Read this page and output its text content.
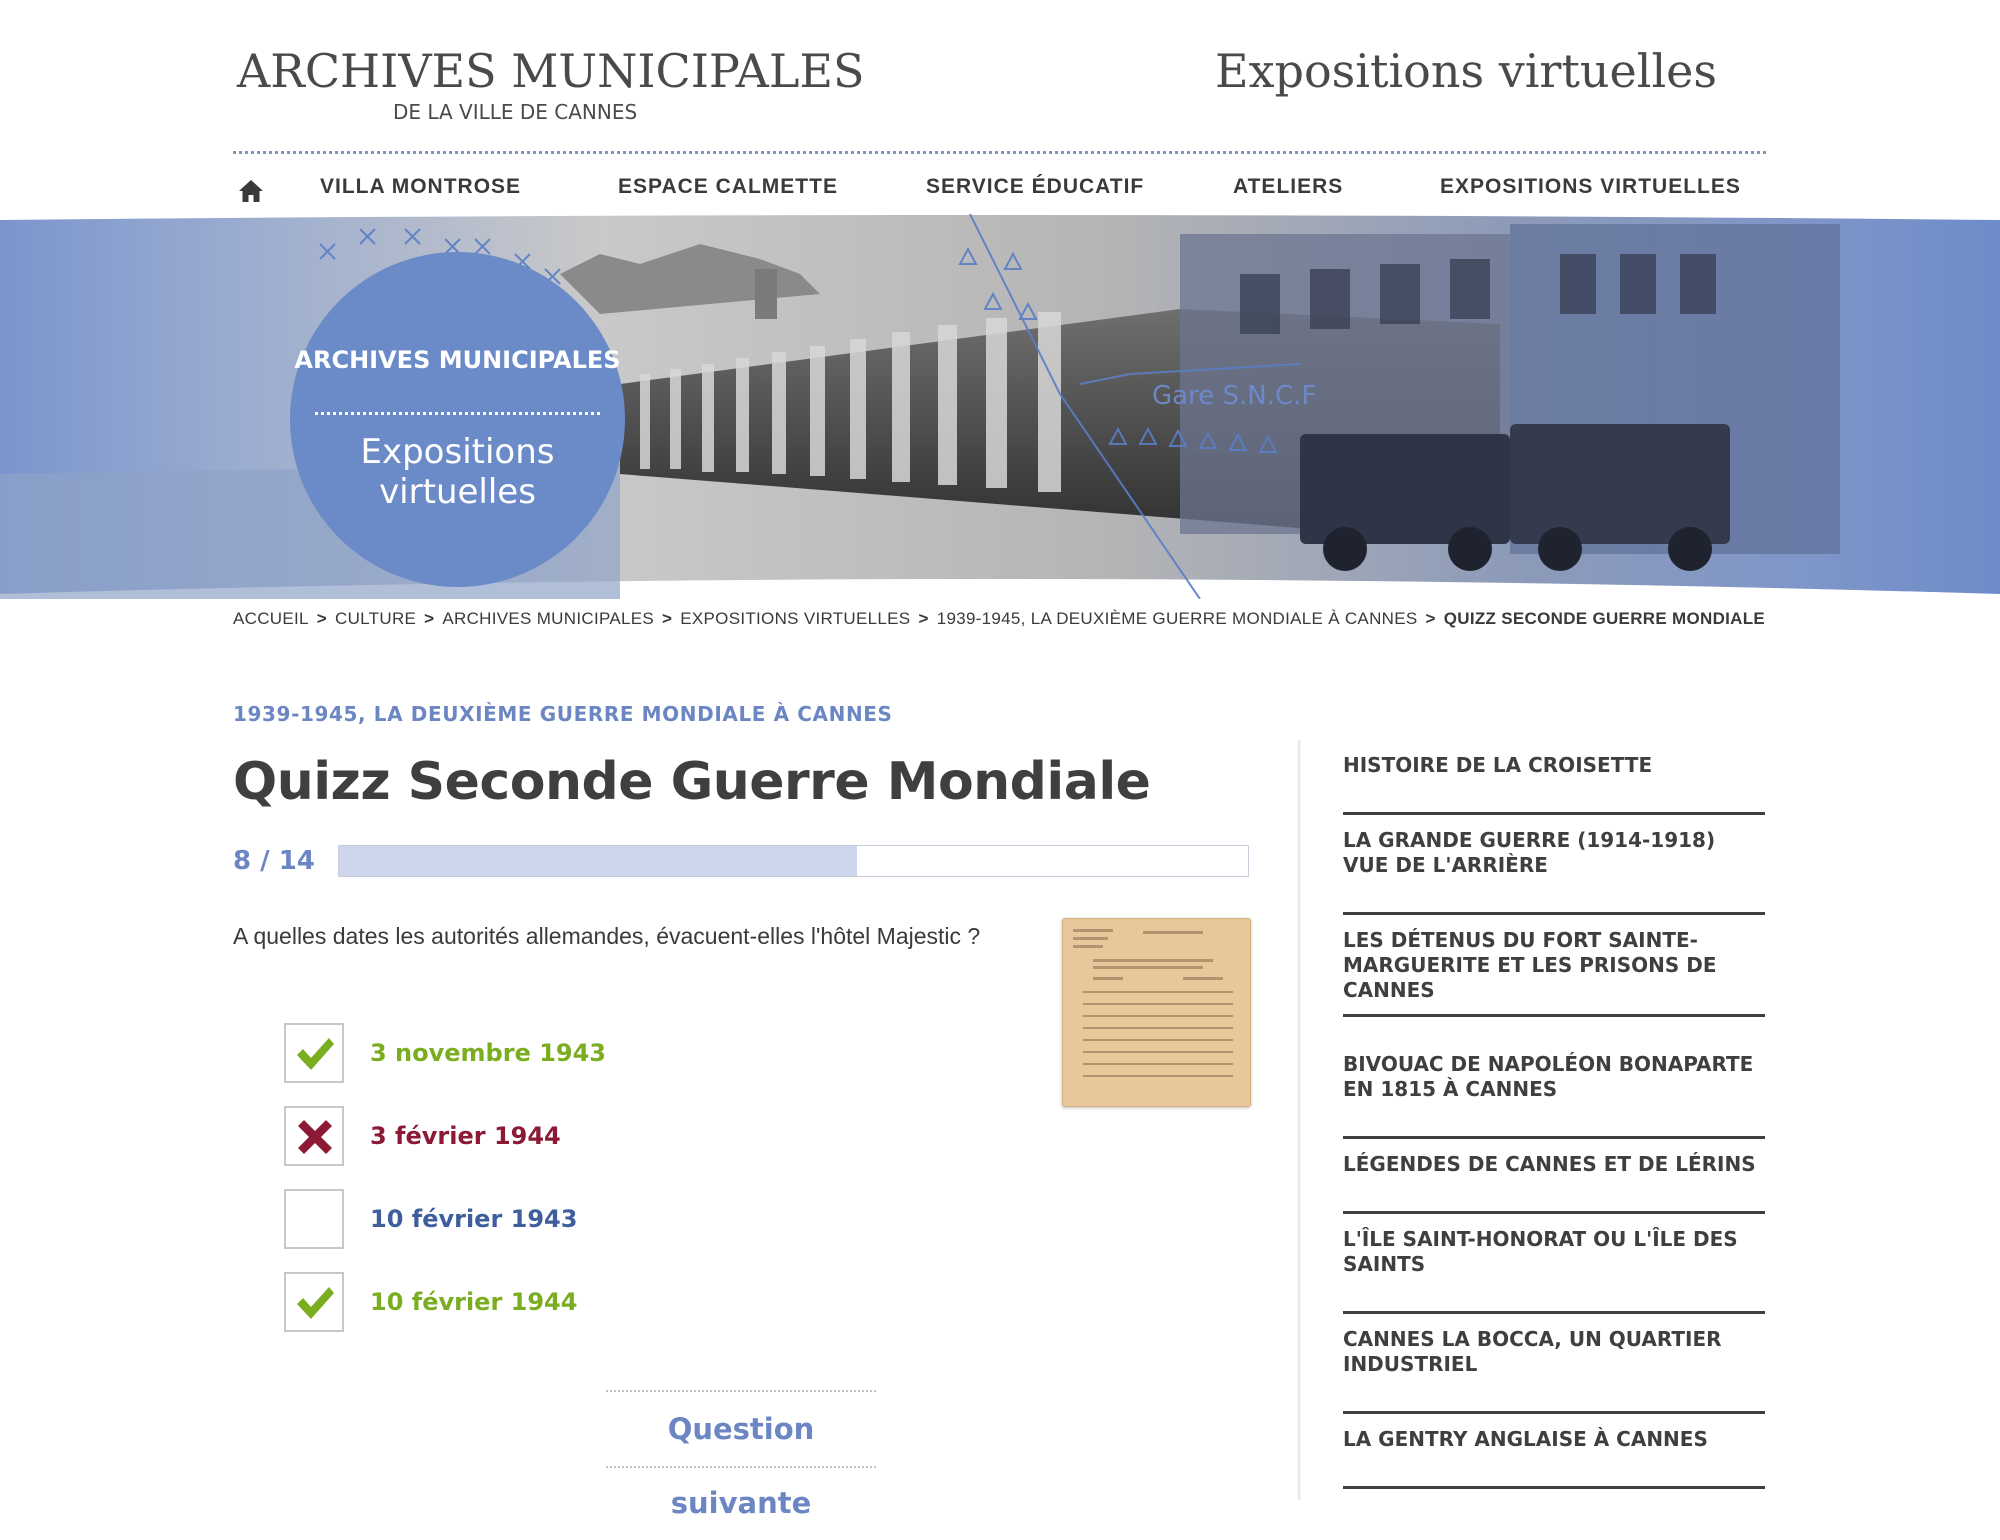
ARCHIVES MUNICIPALES
DE LA VILLE DE CANNES
Expositions virtuelles
VILLA MONTROSE	ESPACE CALMETTE	SERVICE ÉDUCATIF	ATELIERS	EXPOSITIONS VIRTUELLES
Gare S.N.C.F
ARCHIVES MUNICIPALES
Expositions virtuelles
ACCUEIL > CULTURE > ARCHIVES MUNICIPALES > EXPOSITIONS VIRTUELLES > 1939-1945, LA DEUXIÈME GUERRE MONDIALE À CANNES > QUIZZ SECONDE GUERRE MONDIALE
1939-1945, LA DEUXIÈME GUERRE MONDIALE À CANNES
Quizz Seconde Guerre Mondiale
8 / 14
A quelles dates les autorités allemandes, évacuent-elles l'hôtel Majestic ?
3 novembre 1943
3 février 1944
10 février 1943
10 février 1944
Question suivante
HISTOIRE DE LA CROISETTE
LA GRANDE GUERRE (1914-1918) VUE DE L'ARRIÈRE
LES DÉTENUS DU FORT SAINTE-MARGUERITE ET LES PRISONS DE CANNES
BIVOUAC DE NAPOLÉON BONAPARTE EN 1815 À CANNES
LÉGENDES DE CANNES ET DE LÉRINS
L'ÎLE SAINT-HONORAT OU L'ÎLE DES SAINTS
CANNES LA BOCCA, UN QUARTIER INDUSTRIEL
LA GENTRY ANGLAISE À CANNES
